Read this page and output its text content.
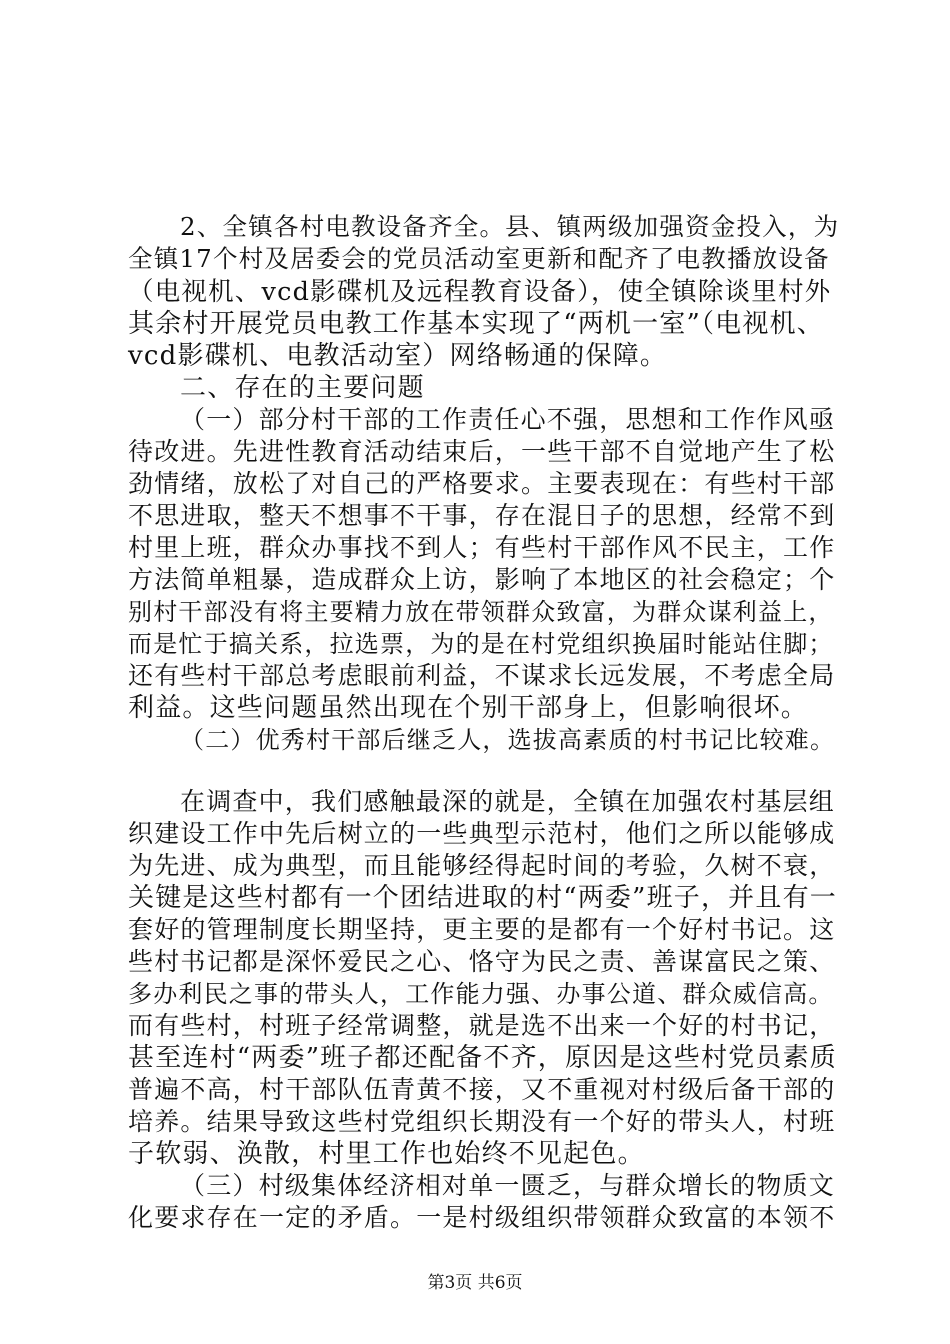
2、全镇各村电教设备齐全。县、镇两级加强资金投入，为
全镇17个村及居委会的党员活动室更新和配齐了电教播放设备
（电视机、vcd影碟机及远程教育设备），使全镇除谈里村外
其余村开展党员电教工作基本实现了“两机一室”（电视机、
vcd影碟机、电教活动室）网络畅通的保障。
二、存在的主要问题
（一）部分村干部的工作责任心不强，思想和工作作风亟
待改进。先进性教育活动结束后，一些干部不自觉地产生了松
劲情绪，放松了对自己的严格要求。主要表现在：有些村干部
不思进取，整天不想事不干事，存在混日子的思想，经常不到
村里上班，群众办事找不到人；有些村干部作风不民主，工作
方法简单粗暴，造成群众上访，影响了本地区的社会稳定；个
别村干部没有将主要精力放在带领群众致富，为群众谋利益上，
而是忙于搞关系，拉选票，为的是在村党组织换届时能站住脚；
还有些村干部总考虑眼前利益，不谋求长远发展，不考虑全局
利益。这些问题虽然出现在个别干部身上，但影响很坏。
（二）优秀村干部后继乏人，选拔高素质的村书记比较难。
在调查中，我们感触最深的就是，全镇在加强农村基层组
织建设工作中先后树立的一些典型示范村，他们之所以能够成
为先进、成为典型，而且能够经得起时间的考验，久树不衰，
关键是这些村都有一个团结进取的村“两委”班子，并且有一
套好的管理制度长期坚持，更主要的是都有一个好村书记。这
些村书记都是深怀爱民之心、恪守为民之责、善谋富民之策、
多办利民之事的带头人，工作能力强、办事公道、群众威信高。
而有些村，村班子经常调整，就是选不出来一个好的村书记，
甚至连村“两委”班子都还配备不齐，原因是这些村党员素质
普遍不高，村干部队伍青黄不接，又不重视对村级后备干部的
培养。结果导致这些村党组织长期没有一个好的带头人，村班
子软弱、涣散，村里工作也始终不见起色。
（三）村级集体经济相对单一匮乏，与群众增长的物质文
化要求存在一定的矛盾。一是村级组织带领群众致富的本领不
第3页 共6页
